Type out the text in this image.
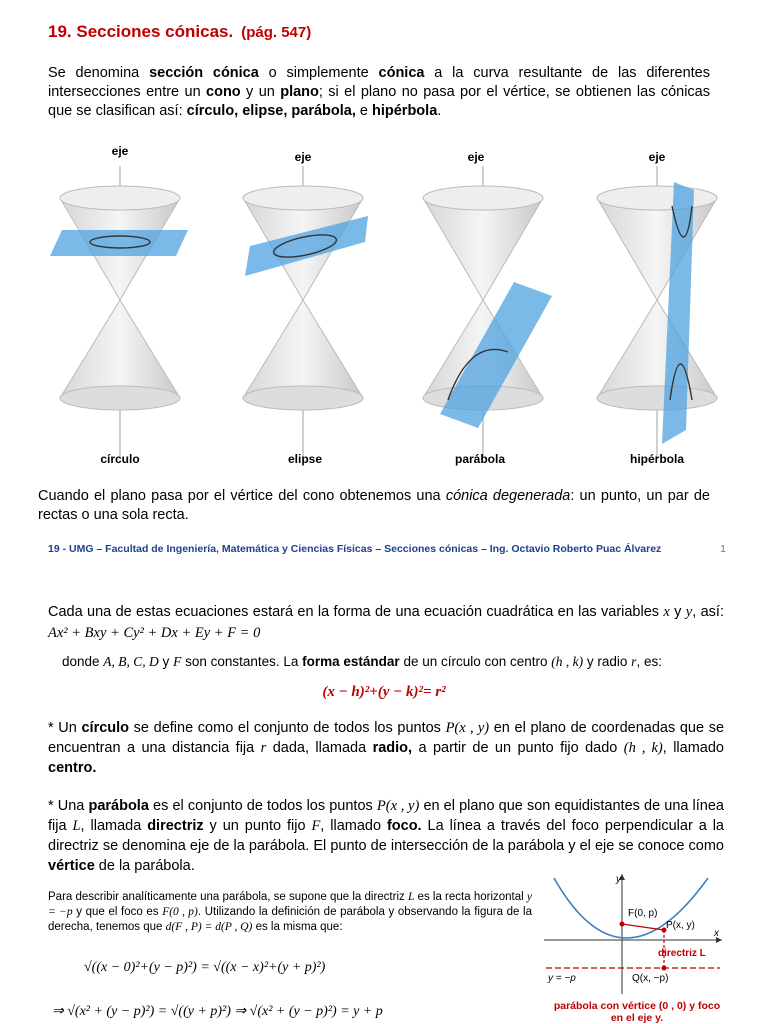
19. Secciones cónicas. (pág. 547)
Se denomina sección cónica o simplemente cónica a la curva resultante de las diferentes intersecciones entre un cono y un plano; si el plano no pasa por el vértice, se obtienen las cónicas que se clasifican así: círculo, elipse, parábola, e hipérbola.
eje	eje	eje	eje
círculo	elipse	parábola	hipérbola
Cuando el plano pasa por el vértice del cono obtenemos una cónica degenerada: un punto, un par de rectas o una sola recta.
19 - UMG – Facultad de Ingeniería, Matemática y Ciencias Físicas – Secciones cónicas – Ing. Octavio Roberto Puac Álvarez	1
Cada una de estas ecuaciones estará en la forma de una ecuación cuadrática en las variables x y y, así: Ax² + Bxy + Cy² + Dx + Ey + F = 0
donde A, B, C, D y F son constantes. La forma estándar de un círculo con centro (h , k) y radio r, es:
(x − h)²+(y − k)²= r²
* Un círculo se define como el conjunto de todos los puntos P(x , y) en el plano de coordenadas que se encuentran a una distancia fija r dada, llamada radio, a partir de un punto fijo dado (h , k), llamado centro.
* Una parábola es el conjunto de todos los puntos P(x , y) en el plano que son equidistantes de una línea fija L, llamada directriz y un punto fijo F, llamado foco. La línea a través del foco perpendicular a la directriz se denomina eje de la parábola. El punto de intersección de la parábola y el eje se conoce como vértice de la parábola.
Para describir analíticamente una parábola, se supone que la directriz L es la recta horizontal y = −p y que el foco es F(0 , p). Utilizando la definición de parábola y observando la figura de la derecha, tenemos que d(F , P) = d(P , Q) es la misma que:
√((x − 0)²+(y − p)²) = √((x − x)²+(y + p)²)
⇒ √(x² + (y − p)²) = √((y + p)²) ⇒ √(x² + (y − p)²) = y + p
y
x
F(0, p)
P(x, y)
directriz L
y = −p	Q(x, −p)
parábola con vértice (0 , 0) y foco en el eje y.
